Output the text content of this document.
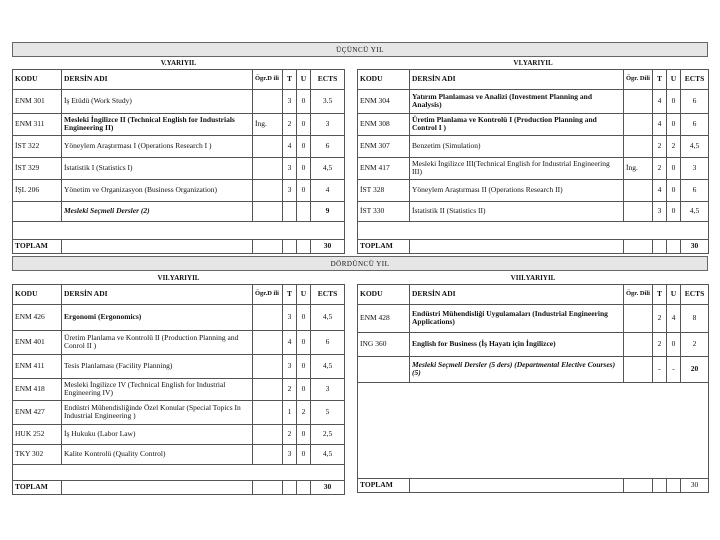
ÜÇÜNCÜ YIL
DÖRDÜNCÜ YIL
V.YARIYIL					
KODU	DERSİN ADI	Ögr.D ili	T	U	ECTS
ENM 301	İş Etüdü (Work Study)		3	0	3.5
ENM 311	Mesleki İngilizce II (Technical English for Industrials Engineering II)	İng.	2	0	3
İST 322	Yöneylem Araştırması I (Operations Research I )		4	0	6
İST 329	İstatistik I (Statistics I)		3	0	4,5
İŞL 206	Yönetim ve Organizasyon (Business Organization)		3	0	4
	Mesleki Seçmeli Dersler (2)				9

TOPLAM					30
VI.YARIYIL					
KODU	DERSİN ADI	Ögr. Dili	T	U	ECTS
ENM 304	Yatırım Planlaması ve Analizi (Investment Planning and Analysis)		4	0	6
ENM 308	Üretim Planlama ve Kontrolü I (Production Planning and Control I )		4	0	6
ENM 307	Benzetim (Simulation)		2	2	4,5
ENM 417	Mesleki İngilizce III(Technical English for Industrial Engineering III)	İng.	2	0	3
İST 328	Yöneylem Araştırması II (Operations Research II)		4	0	6
İST 330	İstatistik II (Statistics II)		3	0	4,5

TOPLAM					30
VII.YARIYIL					
KODU	DERSİN ADI	Ögr.D ili	T	U	ECTS
ENM 426	Ergonomi (Ergonomics)		3	0	4,5
ENM 401	Üretim Planlama ve Kontrolü II (Production Planning and Conrol II )		4	0	6
ENM 411	Tesis Planlaması (Facility Planning)		3	0	4,5
ENM 418	Mesleki İngilizce IV (Technical English for Industrial Engineering IV)		2	0	3
ENM 427	Endüstri Mühendisliğinde Özel Konular (Special Topics In Industrial Engineering )		1	2	5
HUK 252	İş Hukuku (Labor Law)		2	0	2,5
TKY 302	Kalite Kontrolü (Quality Control)		3	0	4,5

TOPLAM					30
VIII.YARIYIL					
KODU	DERSİN ADI	Ögr. Dili	T	U	ECTS
ENM 428	Endüstri Mühendisliği Uygulamaları (Industrial Engineering Applications)		2	4	8
ING 360	English for Business (İş Hayatı için İngilizce)		2	0	2
	Mesleki Seçmeli Dersler (5 ders) (Departmental Elective Courses) (5)		-	-	20

TOPLAM					30
